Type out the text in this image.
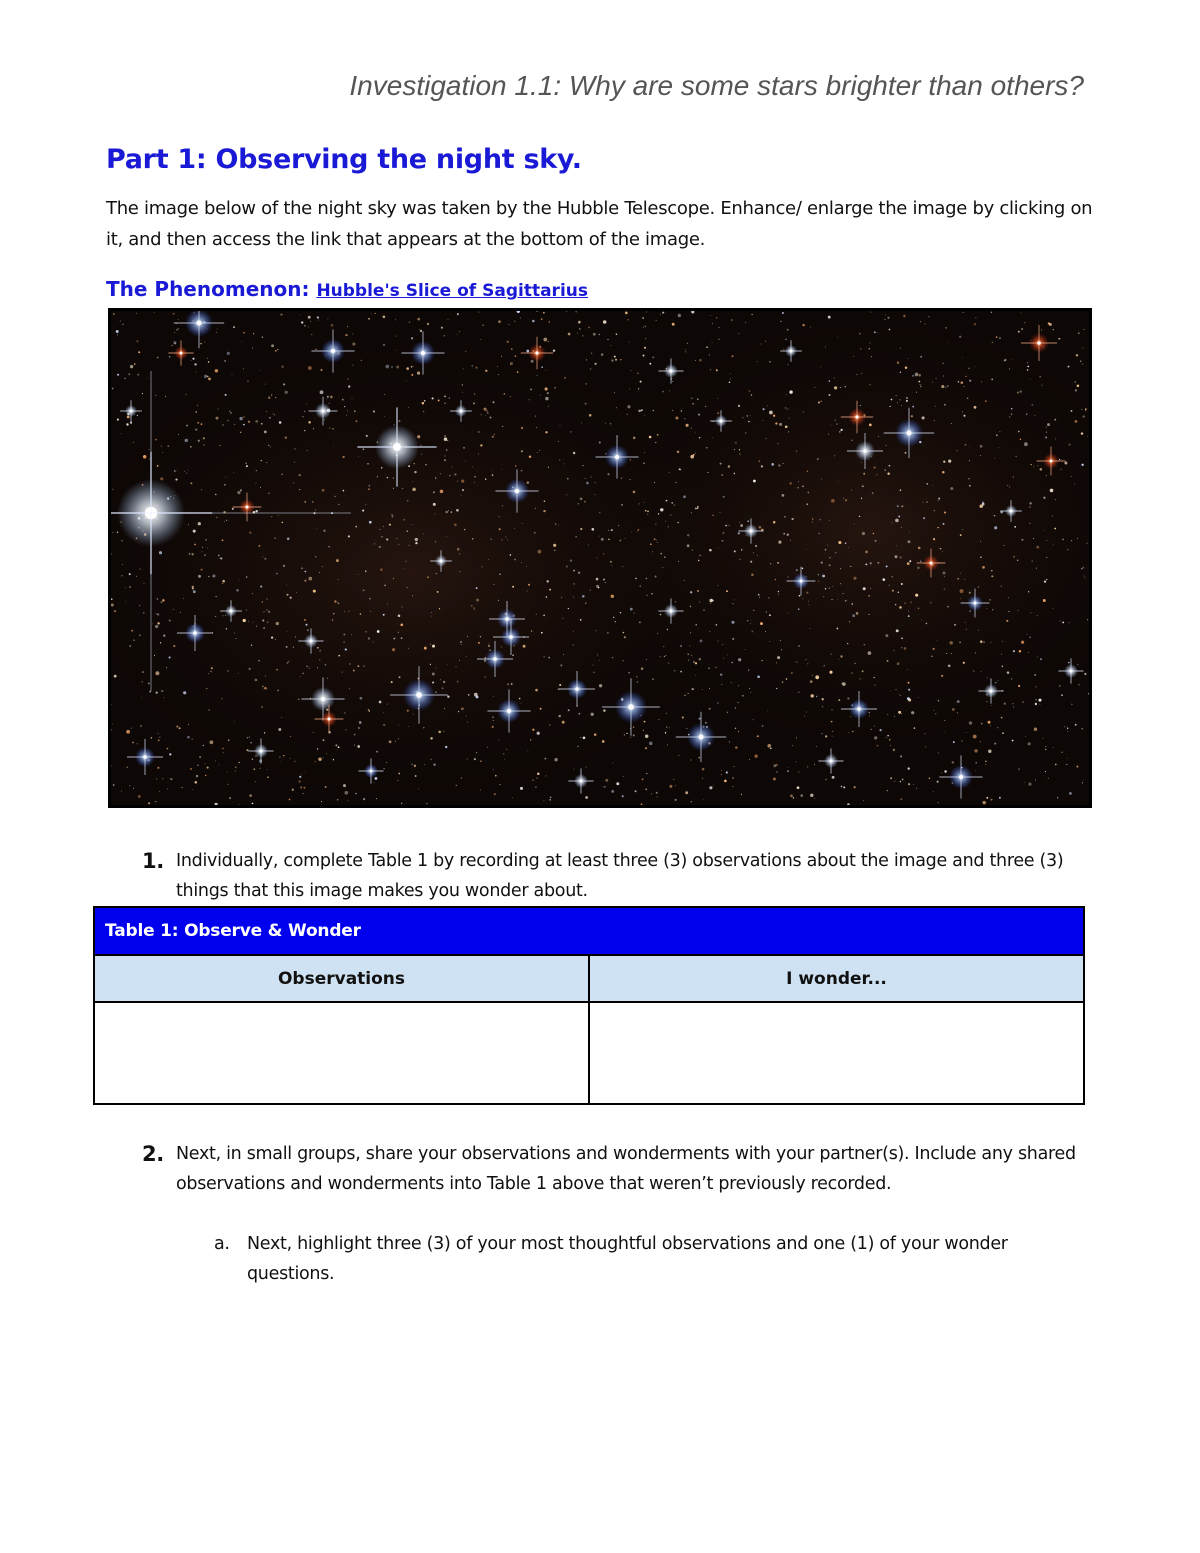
Investigation 1.1: Why are some stars brighter than others?
Part 1: Observing the night sky.
The image below of the night sky was taken by the Hubble Telescope. Enhance/ enlarge the image by clicking on it, and then access the link that appears at the bottom of the image.
The Phenomenon: Hubble's Slice of Sagittarius
1. Individually, complete Table 1 by recording at least three (3) observations about the image and three (3) things that this image makes you wonder about.
Table 1: Observe & Wonder	
Observations	I wonder...

2. Next, in small groups, share your observations and wonderments with your partner(s). Include any shared observations and wonderments into Table 1 above that weren’t previously recorded.
a. Next, highlight three (3) of your most thoughtful observations and one (1) of your wonder questions.
